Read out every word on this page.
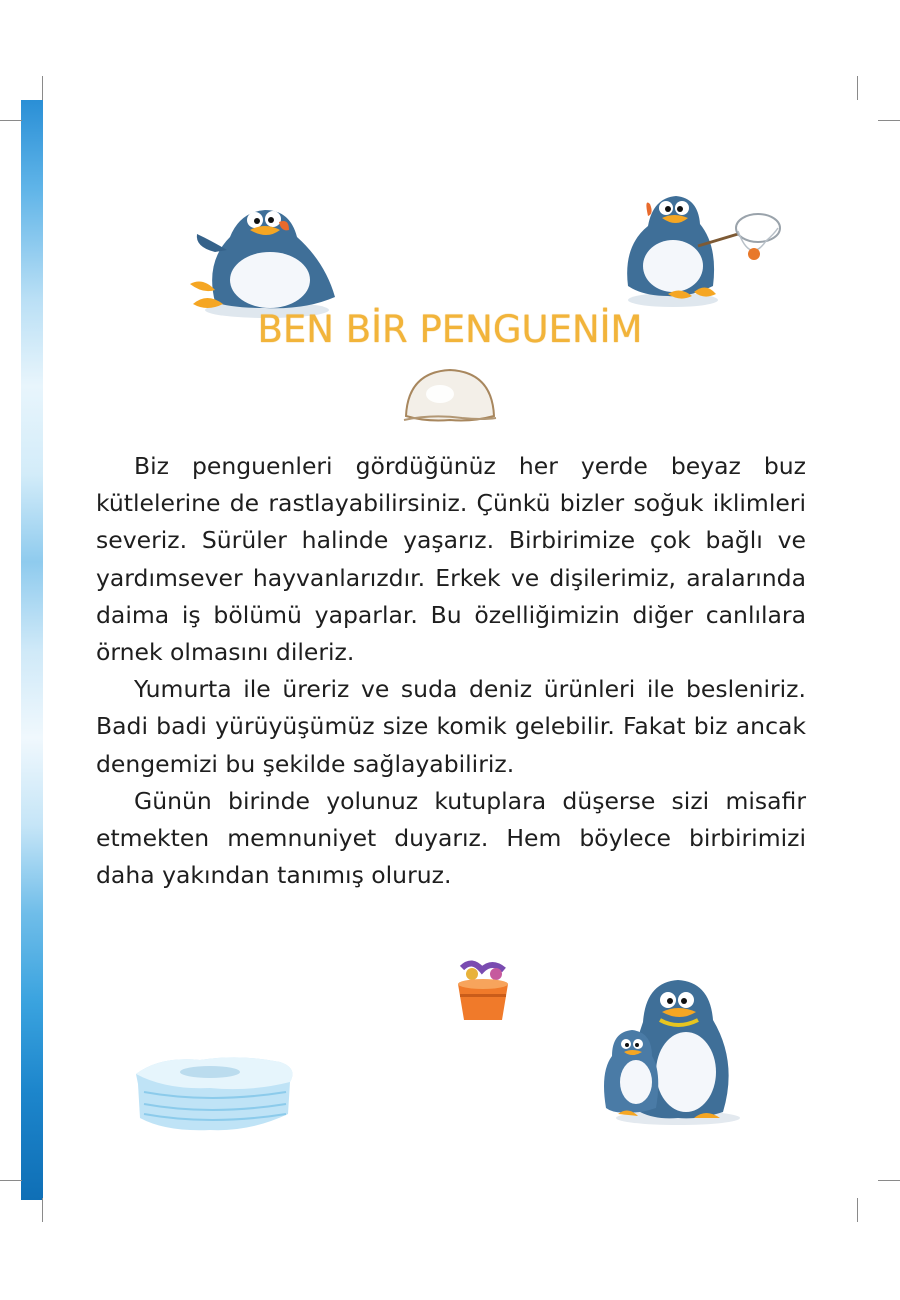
BEN BİR PENGUENİM

Biz penguenleri gördüğünüz her yerde beyaz buz kütlelerine de rastlayabilirsiniz. Çünkü bizler soğuk iklimleri severiz. Sürüler halinde yaşarız. Birbirimize çok bağlı ve yardımsever hayvanlarızdır. Erkek ve dişilerimiz, aralarında daima iş bölümü yaparlar. Bu özelliğimizin diğer canlılara örnek olmasını dileriz.

Yumurta ile üreriz ve suda deniz ürünleri ile besleniriz. Badi badi yürüyüşümüz size komik gelebilir. Fakat biz ancak dengemizi bu şekilde sağlayabiliriz.

Günün birinde yolunuz kutuplara düşerse sizi misafir etmekten memnuniyet duyarız. Hem böylece birbirimizi daha yakından tanımış oluruz.
